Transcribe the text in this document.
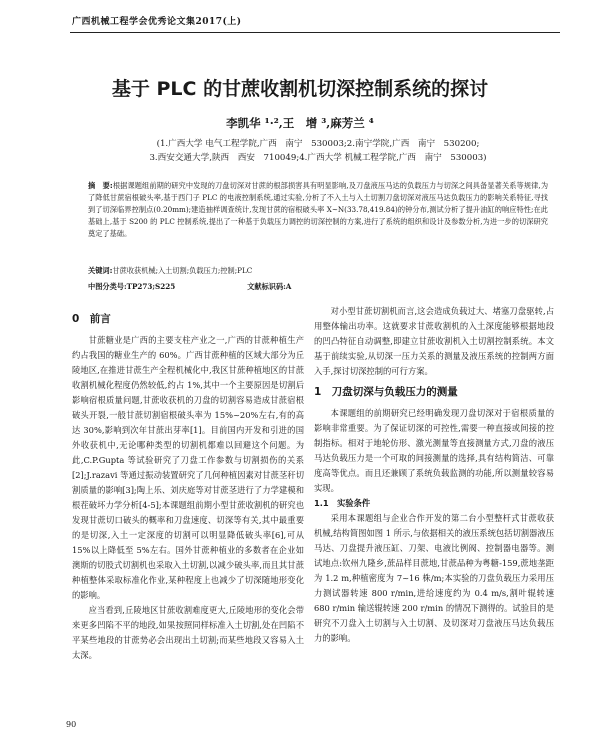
广西机械工程学会优秀论文集2017(上)
基于 PLC 的甘蔗收割机切深控制系统的探讨
李凯华 ¹·²,王　增 ³,麻芳兰 ⁴
(1.广西大学 电气工程学院,广西　南宁　530003;2.南宁学院,广西　南宁　530200;
3.西安交通大学,陕西　西安　710049;4.广西大学 机械工程学院,广西　南宁　530003)
摘　要:根据课题组前期的研究中发现的刀盘切深对甘蔗的根部损害具有明显影响,及刀盘液压马达的负载压力与切深之间具备显著关系等规律,为了降低甘蔗宿根破头率,基于西门子 PLC 的电液控制系统,通过实验,分析了不入土与入土切割刀盘切深对液压马达负载压力的影响关系特征,寻找到了切深临界控制点(0.20mm);建造抽样调查统计,发现甘蔗的宿根破头率 X~N(33.78,419.84)的钟分布,测试分析了提升油缸的响应特性;在此基础上,基于 S200 的 PLC 控制系统,提出了一种基于负载压力调控的切深控制的方案,进行了系统的组织和设计及参数分析,为进一步的切深研究奠定了基础。
关键词:甘蔗收获机械;入土切割;负载压力;控制;PLC
中图分类号:TP273;S225	文献标识码:A
0　前言

甘蔗糖业是广西的主要支柱产业之一,广西的甘蔗种植生产约占我国的糖业生产的 60%。广西甘蔗种植的区域大部分为丘陵地区,在推进甘蔗生产全程机械化中,我区甘蔗种植地区的甘蔗收割机械化程度仍然较低,约占 1%,其中一个主要原因是切割后影响宿根质量问题,甘蔗收获机的刀盘的切割容易造成甘蔗宿根破头开裂,一般甘蔗切割宿根破头率为 15%~20%左右,有的高达 30%,影响到次年甘蔗出芽率[1]。目前国内开发和引进的国外收获机中,无论哪种类型的切割机都难以回避这个问题。为此,C.P.Gupta 等试验研究了刀盘工作参数与切割损伤的关系[2];J.razavi 等通过振动装置研究了几何种植因素对甘蔗茎秆切割质量的影响[3];陶上乐、刘庆庭等对甘蔗茎进行了力学建模和根茬破坏力学分析[4-5];本课题组前期小型甘蔗收割机的研究也发现甘蔗切口破头的概率和刀盘速度、切深等有关,其中最重要的是切深,入土一定深度的切割可以明显降低破头率[6],可从 15%以上降低至 5%左右。国外甘蔗种植业的多数者在企业如澳斯的切股式切割机也采取入土切割,以减少破头率,而且其甘蔗种植整体采取标准化作业,某种程度上也减少了切深随地形变化的影响。

应当看到,丘陵地区甘蔗收割难度更大,丘陵地形的变化会带来更多凹陷不平的地段,如果按照同样标准入土切割,处在凹陷不平某些地段的甘蔗势必会出现出土切割;而某些地段又容易入土太深。

对小型甘蔗切割机而言,这会造成负载过大、堵塞刀盘驱转,占用整体输出功率。这就要求甘蔗收割机的入土深度能够根据地段的凹凸特征自动调整,即建立甘蔗收割机入土切割控制系统。本文基于前续实验,从切深一压力关系的测量及液压系统的控制两方面入手,探讨切深控制的可行方案。

1　刀盘切深与负载压力的测量

本课题组的前期研究已经明确发现刀盘切深对于宿根质量的影响非常重要。为了保证切深的可控性,需要一种直接或间接的控制指标。相对于地轮仿形、激光测量等直接测量方式,刀盘的液压马达负载压力是一个可取的间接测量的选择,具有结构简洁、可靠度高等优点。而且还兼顾了系统负载监测的功能,所以测量较容易实现。

1.1　实验条件

采用本课题组与企业合作开发的第二台小型整杆式甘蔗收获机械,结构简图如图 1 所示,与依据相关的液压系统包括切割器液压马达、刀盘提升液压缸、刀架、电液比例阀、控制器电器等。测试地点:钦州九隆乡,蔗品样目蔗地,甘蔗品种为粤糖-159,蔗地垄距为 1.2 m,种植密度为 7~16 株/m;本实验的刀盘负载压力采用压力测试器转速 800 r/min,进给速度约为 0.4 m/s,割叶辊转速 680 r/min 输送辊转速 200 r/min 的情况下测得的。试验目的是研究不刀盘入土切割与入土切割、及切深对刀盘液压马达负载压力的影响。

90
